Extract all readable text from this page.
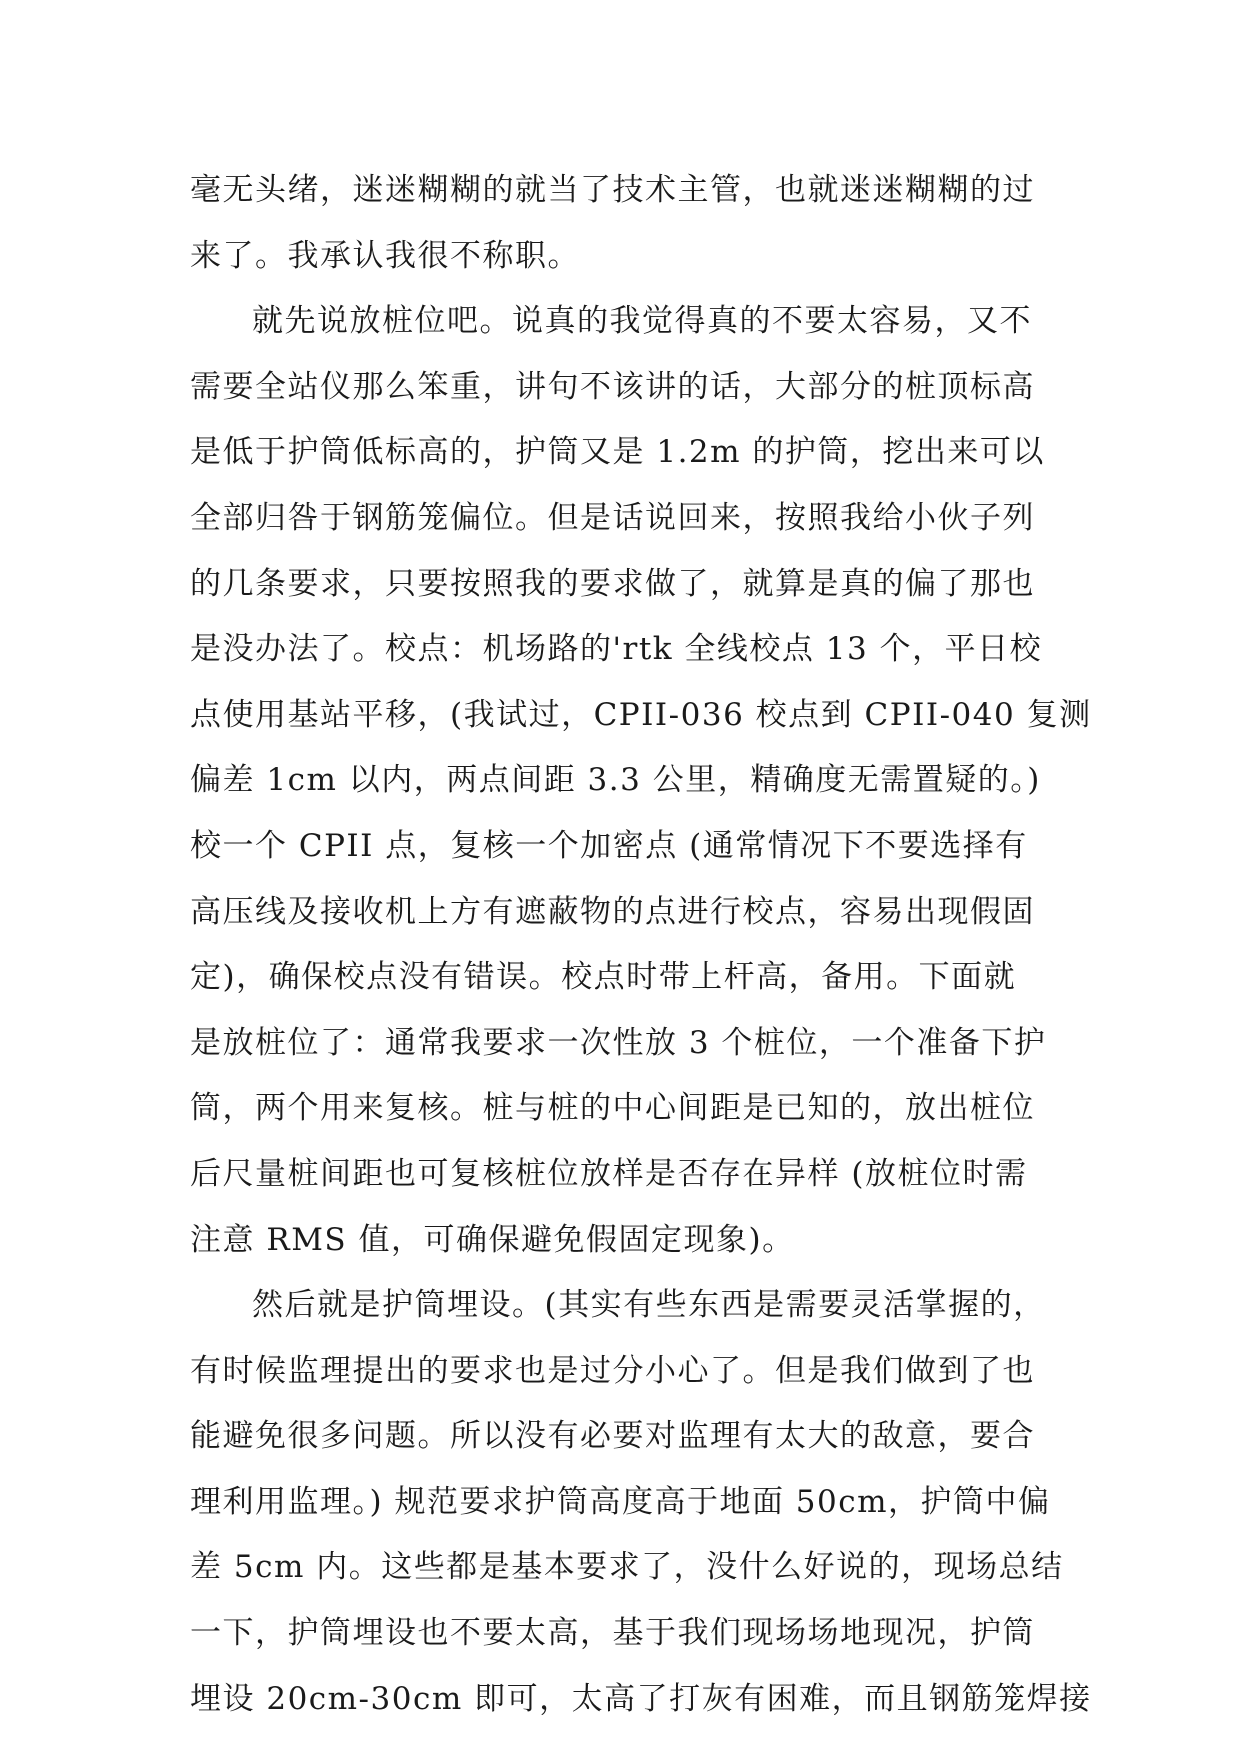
毫无头绪，迷迷糊糊的就当了技术主管，也就迷迷糊糊的过
来了。我承认我很不称职。
就先说放桩位吧。说真的我觉得真的不要太容易，又不
需要全站仪那么笨重，讲句不该讲的话，大部分的桩顶标高
是低于护筒低标高的，护筒又是 1.2m 的护筒，挖出来可以
全部归咎于钢筋笼偏位。但是话说回来，按照我给小伙子列
的几条要求，只要按照我的要求做了，就算是真的偏了那也
是没办法了。校点：机场路的'rtk 全线校点 13 个，平日校
点使用基站平移，(我试过，CPII-036 校点到 CPII-040 复测
偏差 1cm 以内，两点间距 3.3 公里，精确度无需置疑的。)
校一个 CPII 点，复核一个加密点 (通常情况下不要选择有
高压线及接收机上方有遮蔽物的点进行校点，容易出现假固
定)，确保校点没有错误。校点时带上杆高，备用。下面就
是放桩位了：通常我要求一次性放 3 个桩位，一个准备下护
筒，两个用来复核。桩与桩的中心间距是已知的，放出桩位
后尺量桩间距也可复核桩位放样是否存在异样 (放桩位时需
注意 RMS 值，可确保避免假固定现象)。
然后就是护筒埋设。(其实有些东西是需要灵活掌握的，
有时候监理提出的要求也是过分小心了。但是我们做到了也
能避免很多问题。所以没有必要对监理有太大的敌意，要合
理利用监理。) 规范要求护筒高度高于地面 50cm，护筒中偏
差 5cm 内。这些都是基本要求了，没什么好说的，现场总结
一下，护筒埋设也不要太高，基于我们现场场地现况，护筒
埋设 20cm-30cm 即可，太高了打灰有困难，而且钢筋笼焊接
